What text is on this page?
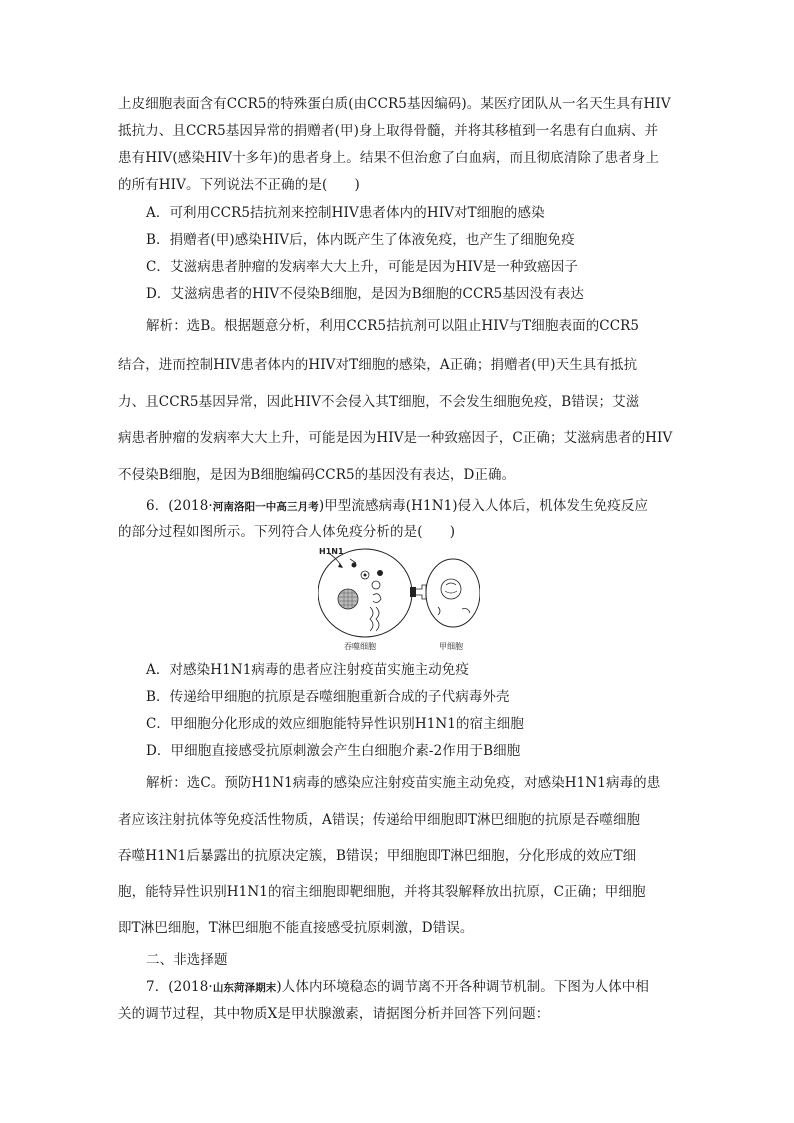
上皮细胞表面含有CCR5的特殊蛋白质(由CCR5基因编码)。某医疗团队从一名天生具有HIV
抵抗力、且CCR5基因异常的捐赠者(甲)身上取得骨髓，并将其移植到一名患有白血病、并
患有HIV(感染HIV十多年)的患者身上。结果不但治愈了白血病，而且彻底清除了患者身上
的所有HIV。下列说法不正确的是(　　)
A．可利用CCR5拮抗剂来控制HIV患者体内的HIV对T细胞的感染
B．捐赠者(甲)感染HIV后，体内既产生了体液免疫，也产生了细胞免疫
C．艾滋病患者肿瘤的发病率大大上升，可能是因为HIV是一种致癌因子
D．艾滋病患者的HIV不侵染B细胞，是因为B细胞的CCR5基因没有表达
解析：选B。根据题意分析，利用CCR5拮抗剂可以阻止HIV与T细胞表面的CCR5
结合，进而控制HIV患者体内的HIV对T细胞的感染，A正确；捐赠者(甲)天生具有抵抗
力、且CCR5基因异常，因此HIV不会侵入其T细胞，不会发生细胞免疫，B错误；艾滋
病患者肿瘤的发病率大大上升，可能是因为HIV是一种致癌因子，C正确；艾滋病患者的HIV
不侵染B细胞，是因为B细胞编码CCR5的基因没有表达，D正确。
6．(2018·河南洛阳一中高三月考)甲型流感病毒(H1N1)侵入人体后，机体发生免疫反应
的部分过程如图所示。下列符合人体免疫分析的是(　　)
H1N1
吞噬细胞	甲细胞
A．对感染H1N1病毒的患者应注射疫苗实施主动免疫
B．传递给甲细胞的抗原是吞噬细胞重新合成的子代病毒外壳
C．甲细胞分化形成的效应细胞能特异性识别H1N1的宿主细胞
D．甲细胞直接感受抗原刺激会产生白细胞介素-2作用于B细胞
解析：选C。预防H1N1病毒的感染应注射疫苗实施主动免疫，对感染H1N1病毒的患
者应该注射抗体等免疫活性物质，A错误；传递给甲细胞即T淋巴细胞的抗原是吞噬细胞
吞噬H1N1后暴露出的抗原决定簇，B错误；甲细胞即T淋巴细胞，分化形成的效应T细
胞，能特异性识别H1N1的宿主细胞即靶细胞，并将其裂解释放出抗原，C正确；甲细胞
即T淋巴细胞，T淋巴细胞不能直接感受抗原刺激，D错误。
二、非选择题
7．(2018·山东菏泽期末)人体内环境稳态的调节离不开各种调节机制。下图为人体中相
关的调节过程，其中物质X是甲状腺激素，请据图分析并回答下列问题：
